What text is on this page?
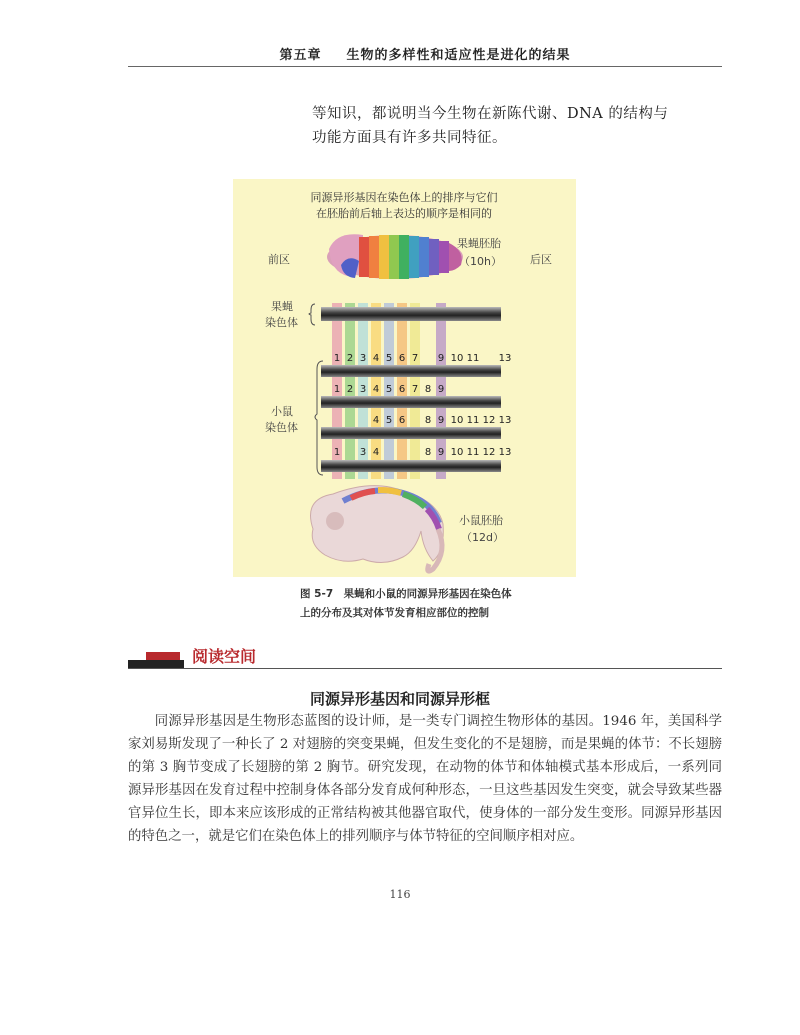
第五章 生物的多样性和适应性是进化的结果
等知识，都说明当今生物在新陈代谢、DNA 的结构与功能方面具有许多共同特征。
同源异形基因在染色体上的排序与它们
在胚胎前后轴上表达的顺序是相同的
前区	后区
果蝇胚胎
（10h）
果蝇
染色体
小鼠
染色体
1 2 3 4 5 6 7 9 10 11 13
1 2 3 4 5 6 7 8 9
4 5 6 8 9 10 11 12 13
1 3 4	8 9 10 11 12 13
小鼠胚胎
（12d）
图 5-7　果蝇和小鼠的同源异形基因在染色体
上的分布及其对体节发育相应部位的控制
阅读空间
同源异形基因和同源异形框
同源异形基因是生物形态蓝图的设计师，是一类专门调控生物形体的基因。1946 年，美国科学家刘易斯发现了一种长了 2 对翅膀的突变果蝇，但发生变化的不是翅膀，而是果蝇的体节：不长翅膀的第 3 胸节变成了长翅膀的第 2 胸节。研究发现，在动物的体节和体轴模式基本形成后，一系列同源异形基因在发育过程中控制身体各部分发育成何种形态，一旦这些基因发生突变，就会导致某些器官异位生长，即本来应该形成的正常结构被其他器官取代，使身体的一部分发生变形。同源异形基因的特色之一，就是它们在染色体上的排列顺序与体节特征的空间顺序相对应。
116
